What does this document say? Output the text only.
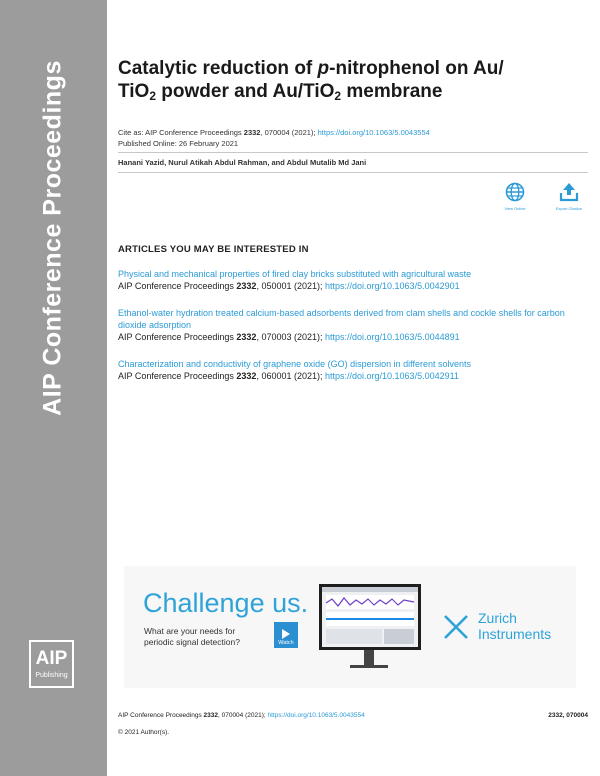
AIP Conference Proceedings
AIP
Publishing
Catalytic reduction of p-nitrophenol on Au/
TiO$_2$ powder and Au/TiO$_2$ membrane
Cite as: AIP Conference Proceedings 2332, 070004 (2021); https://doi.org/10.1063/5.0043554
Published Online: 26 February 2021
Hanani Yazid, Nurul Atikah Abdul Rahman, and Abdul Mutalib Md Jani
View Online	Export Citation
ARTICLES YOU MAY BE INTERESTED IN
Physical and mechanical properties of fired clay bricks substituted with agricultural waste
AIP Conference Proceedings 2332, 050001 (2021); https://doi.org/10.1063/5.0042901
Ethanol-water hydration treated calcium-based adsorbents derived from clam shells and cockle shells for carbon dioxide adsorption
AIP Conference Proceedings 2332, 070003 (2021); https://doi.org/10.1063/5.0044891
Characterization and conductivity of graphene oxide (GO) dispersion in different solvents
AIP Conference Proceedings 2332, 060001 (2021); https://doi.org/10.1063/5.0042911
Challenge us.
What are your needs for
periodic signal detection?	Watch
Zurich
Instruments
AIP Conference Proceedings 2332, 070004 (2021); https://doi.org/10.1063/5.0043554	2332, 070004
© 2021 Author(s).
